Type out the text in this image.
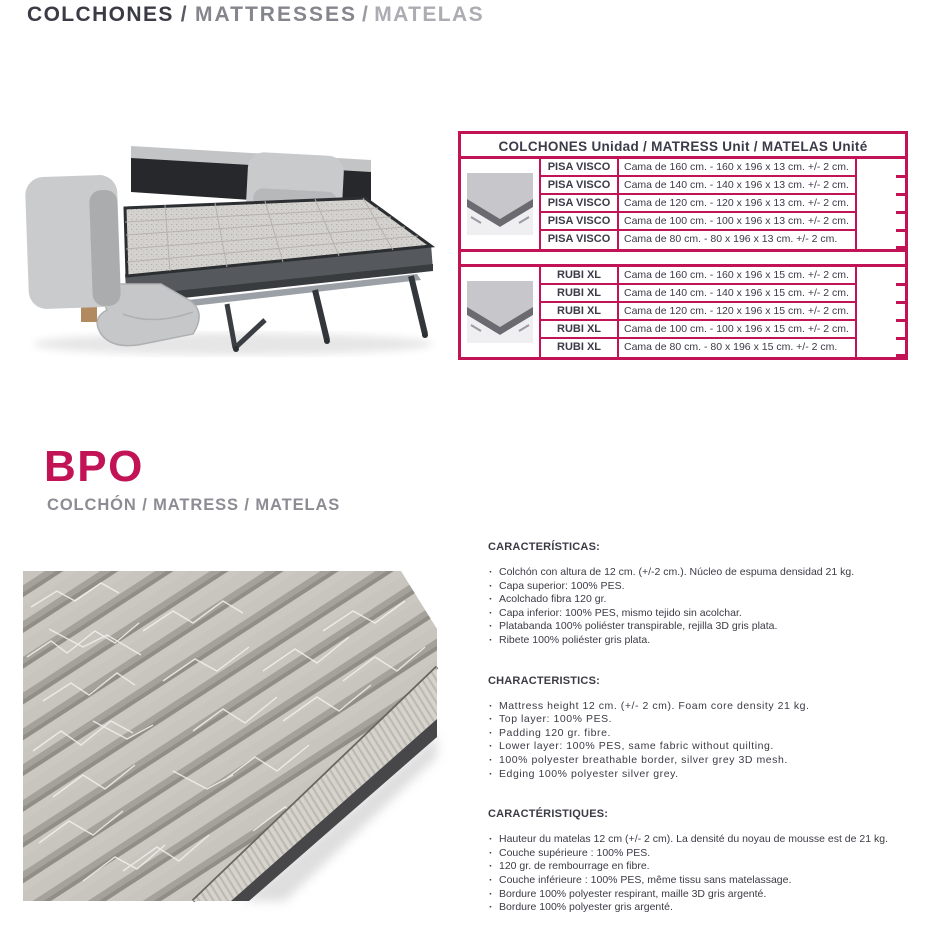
COLCHONES / MATTRESSES / MATELAS
COLCHONES Unidad / MATRESS Unit / MATELAS Unité
PISA VISCO	Cama de 160 cm. - 160 x 196 x 13 cm. +/- 2 cm.
PISA VISCO	Cama de 140 cm. - 140 x 196 x 13 cm. +/- 2 cm.
PISA VISCO	Cama de 120 cm. - 120 x 196 x 13 cm. +/- 2 cm.
PISA VISCO	Cama de 100 cm. - 100 x 196 x 13 cm. +/- 2 cm.
PISA VISCO	Cama de 80 cm. - 80 x 196 x 13 cm. +/- 2 cm.
RUBI XL	Cama de 160 cm. - 160 x 196 x 15 cm. +/- 2 cm.
RUBI XL	Cama de 140 cm. - 140 x 196 x 15 cm. +/- 2 cm.
RUBI XL	Cama de 120 cm. - 120 x 196 x 15 cm. +/- 2 cm.
RUBI XL	Cama de 100 cm. - 100 x 196 x 15 cm. +/- 2 cm.
RUBI XL	Cama de 80 cm. - 80 x 196 x 15 cm. +/- 2 cm.
BPO
COLCHÓN / MATRESS / MATELAS
CARACTERÍSTICAS:
· Colchón con altura de 12 cm. (+/-2 cm.). Núcleo de espuma densidad 21 kg.
· Capa superior: 100% PES.
· Acolchado fibra 120 gr.
· Capa inferior: 100% PES, mismo tejido sin acolchar.
· Platabanda 100% poliéster transpirable, rejilla 3D gris plata.
· Ribete 100% poliéster gris plata.
CHARACTERISTICS:
· Mattress height 12 cm. (+/- 2 cm). Foam core density 21 kg.
· Top layer: 100% PES.
· Padding 120 gr. fibre.
· Lower layer: 100% PES, same fabric without quilting.
· 100% polyester breathable border, silver grey 3D mesh.
· Edging 100% polyester silver grey.
CARACTÉRISTIQUES:
· Hauteur du matelas 12 cm (+/- 2 cm). La densité du noyau de mousse est de 21 kg.
· Couche supérieure : 100% PES.
· 120 gr. de rembourrage en fibre.
· Couche inférieure : 100% PES, même tissu sans matelassage.
· Bordure 100% polyester respirant, maille 3D gris argenté.
· Bordure 100% polyester gris argenté.
